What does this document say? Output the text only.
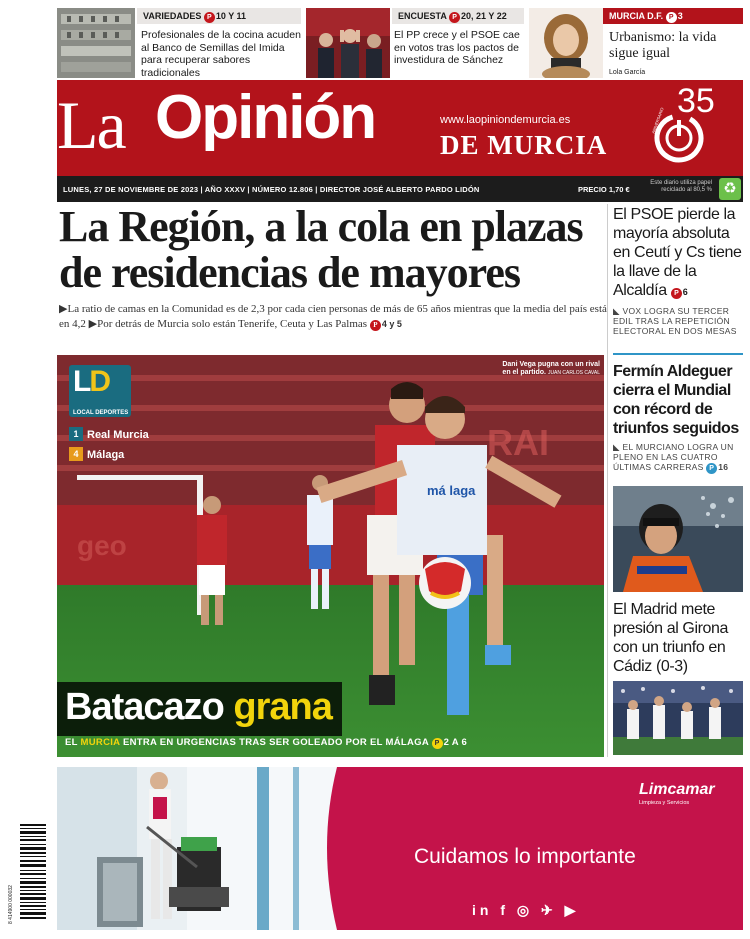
VARIEDADES P 10 Y 11
Profesionales de la cocina acuden al Banco de Semillas del Imida para recuperar sabores tradicionales
ENCUESTA P 20, 21 Y 22
El PP crece y el PSOE cae en votos tras los pactos de investidura de Sánchez
MURCIA D.F. P 3
Urbanismo: la vida sigue igual
Lola García
La Opinión	www.laopiniondemurcia.es
DE MURCIA
35
ANIVERSARIO
LUNES, 27 DE NOVIEMBRE DE 2023 | AÑO XXXV | NÚMERO 12.806 | DIRECTOR JOSÉ ALBERTO PARDO LIDÓN	PRECIO 1,70 €
Este diario utiliza papel reciclado al 80,5 % ♻
La Región, a la cola en plazas de residencias de mayores
▶La ratio de camas en la Comunidad es de 2,3 por cada cien personas de más de 65 años mientras que la media del país está en 4,2 ▶Por detrás de Murcia solo están Tenerife, Ceuta y Las Palmas P 4 y 5
El PSOE pierde la mayoría absoluta en Ceutí y Cs tiene la llave de la Alcaldía P 6
◣ VOX LOGRA SU TERCER EDIL TRAS LA REPETICIÓN ELECTORAL EN DOS MESAS
Fermín Aldeguer cierra el Mundial con récord de triunfos seguidos
◣ EL MURCIANO LOGRA UN PLENO EN LAS CUATRO ÚLTIMAS CARRERAS P 16
El Madrid mete presión al Girona con un triunfo en Cádiz (0-3)
geo
RAI
má laga
Dani Vega pugna con un rival en el partido. JUAN CARLOS CAVAL
LD
LOCAL DEPORTES
1 Real Murcia
4 Málaga
Batacazo grana
EL MURCIA ENTRA EN URGENCIAS TRAS SER GOLEADO POR EL MÁLAGA P 2 A 6
Limcamar
Limpieza y Servicios
Cuidamos lo importante
in f ◎ ✈ ▶
8 414900 000032
